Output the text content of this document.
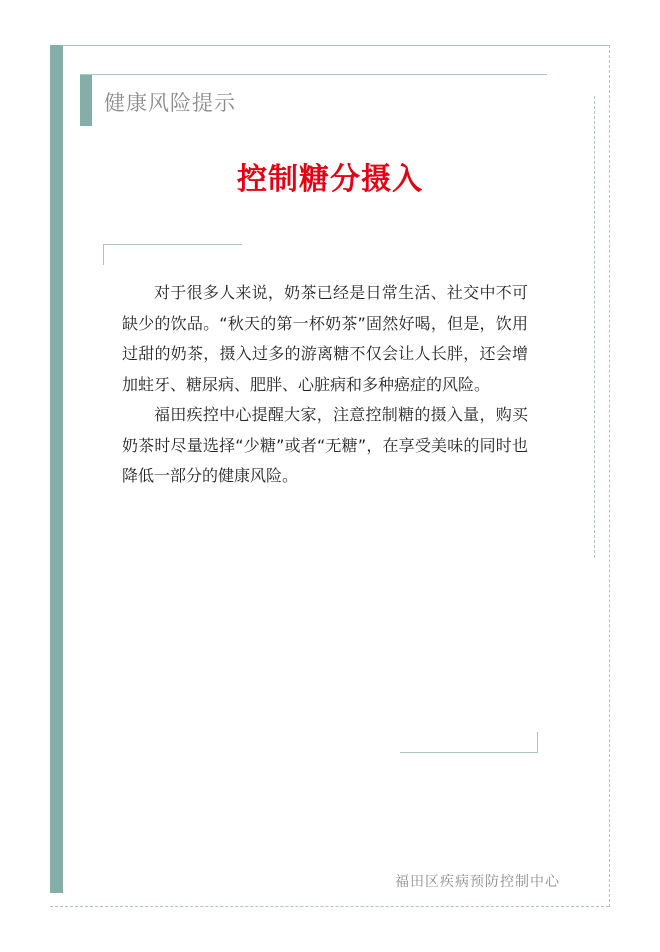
健康风险提示
控制糖分摄入

对于很多人来说，奶茶已经是日常生活、社交中不可缺少的饮品。“秋天的第一杯奶茶”固然好喝，但是，饮用过甜的奶茶，摄入过多的游离糖不仅会让人长胖，还会增加蛀牙、糖尿病、肥胖、心脏病和多种癌症的风险。

福田疾控中心提醒大家，注意控制糖的摄入量，购买奶茶时尽量选择“少糖”或者“无糖”，在享受美味的同时也降低一部分的健康风险。

福田区疾病预防控制中心
